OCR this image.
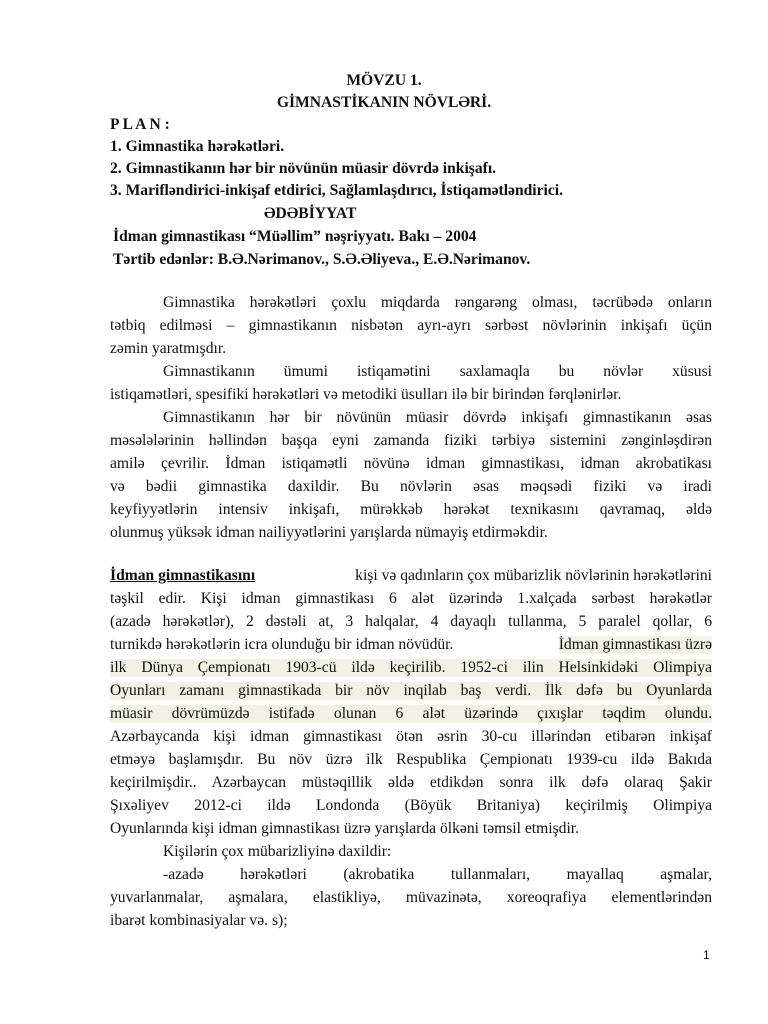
MÖVZU 1.
GİMNASTİKANIN NÖVLƏRİ.
P L A N :
1. Gimnastika hərəkətləri.
2. Gimnastikanın hər bir növünün müasir dövrdə inkişafı.
3. Marifləndirici-inkişaf etdirici, Sağlamlaşdırıcı, İstiqamətləndirici.
ƏDƏBİYYAT
İdman gimnastikası “Müəllim” nəşriyyatı. Bakı – 2004
Tərtib edənlər: B.Ə.Nərimanov., S.Ə.Əliyeva., E.Ə.Nərimanov.
Gimnastika hərəkətləri çoxlu miqdarda rəngarəng olması, təcrübədə onların
tətbiq edilməsi – gimnastikanın nisbətən ayrı-ayrı sərbəst növlərinin inkişafı üçün
zəmin yaratmışdır.
Gimnastikanın ümumi istiqamətini saxlamaqla bu növlər xüsusi
istiqamətləri, spesifiki hərəkətləri və metodiki üsulları ilə bir birindən fərqlənirlər.
Gimnastikanın hər bir növünün müasir dövrdə inkişafı gimnastikanın əsas
məsələlərinin həllindən başqa eyni zamanda fiziki tərbiyə sistemini zənginləşdirən
amilə çevrilir. İdman istiqamətli növünə idman gimnastikası, idman akrobatikası
və bədii gimnastika daxildir. Bu növlərin əsas məqsədi fiziki və iradi
keyfiyyətlərin intensiv inkişafı, mürəkkəb hərəkət texnikasını qavramaq, əldə
olunmuş yüksək idman nailiyyətlərini yarışlarda nümayiş etdirməkdir.
İdman gimnastikasını	kişi və qadınların çox mübarizlik növlərinin hərəkətlərini
təşkil edir. Kişi idman gimnastikası 6 alət üzərində 1.xalçada sərbəst hərəkətlər
(azadə hərəkətlər), 2 dəstəli at, 3 halqalar, 4 dayaqlı tullanma, 5 paralel qollar, 6
turnikdə hərəkətlərin icra olunduğu bir idman növüdür.	İdman gimnastikası üzrə
ilk Dünya Çempionatı 1903-cü ildə keçirilib. 1952-ci ilin Helsinkidəki Olimpiya
Oyunları zamanı gimnastikada bir növ inqilab baş verdi. İlk dəfə bu Oyunlarda
müasir dövrümüzdə istifadə olunan 6 alət üzərində çıxışlar təqdim olundu.
Azərbaycanda kişi idman gimnastikası ötən əsrin 30-cu illərindən etibarən inkişaf
etməyə başlamışdır. Bu növ üzrə ilk Respublika Çempionatı 1939-cu ildə Bakıda
keçirilmişdir.. Azərbaycan müstəqillik əldə etdikdən sonra ilk dəfə olaraq Şakir
Şıxəliyev 2012-ci ildə Londonda (Böyük Britaniya) keçirilmiş Olimpiya
Oyunlarında kişi idman gimnastikası üzrə yarışlarda ölkəni təmsil etmişdir.
Kişilərin çox mübarizliyinə daxildir:
-azadə hərəkətləri (akrobatika tullanmaları, mayallaq aşmalar,
yuvarlanmalar, aşmalara, elastikliyə, müvazinətə, xoreoqrafiya elementlərindən
ibarət kombinasiyalar və. s);
1
